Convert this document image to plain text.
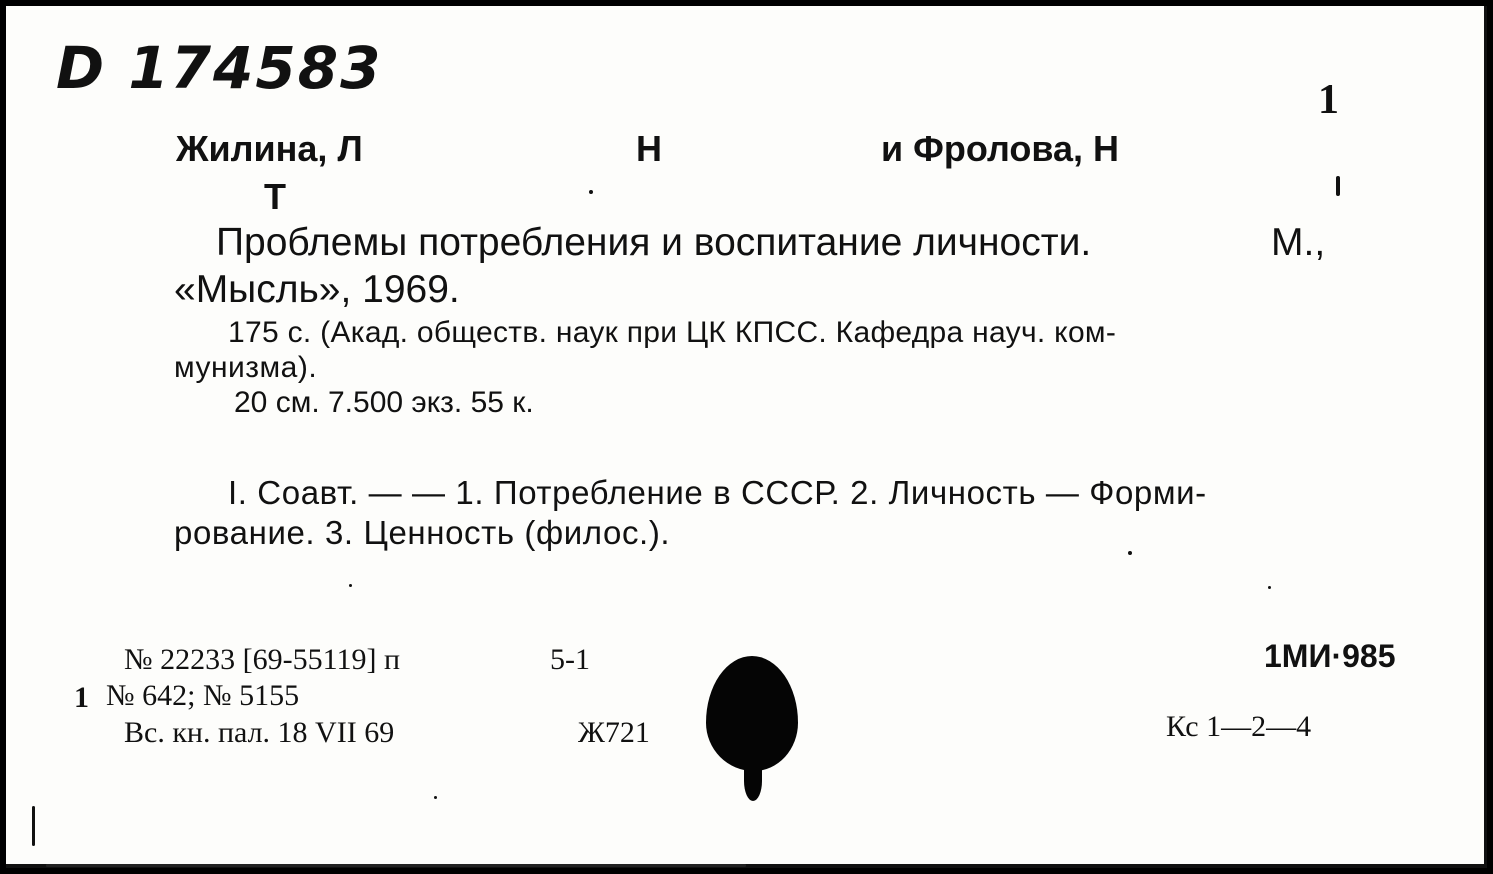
D 174583	1
Жилина, Л	Н	и Фролова, Н
Т
Проблемы потребления и воспитание личности.	М.,
«Мысль», 1969.
175 с. (Акад. обществ. наук при ЦК КПСС. Кафедра науч. ком-
мунизма).
20 см. 7.500 экз. 55 к.
I. Соавт. — — 1. Потребление в СССР. 2. Личность — Форми-
рование. 3. Ценность (филос.).
№ 22233 [69-55119] п	5-1
1 № 642; № 5155
Вс. кн. пал. 18 VII 69	Ж721
1МИ·985
Кс 1—2—4
